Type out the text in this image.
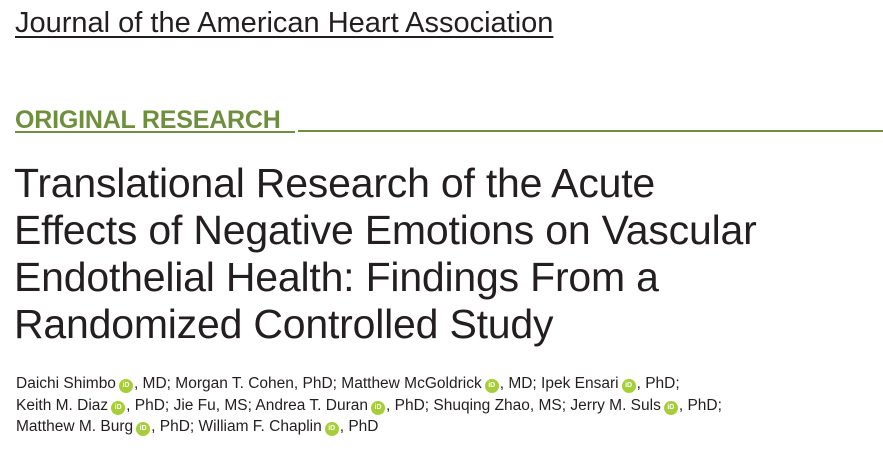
Journal of the American Heart Association
ORIGINAL RESEARCH
Translational Research of the Acute
Effects of Negative Emotions on Vascular
Endothelial Health: Findings From a
Randomized Controlled Study
Daichi Shimbo iD , MD; Morgan T. Cohen, PhD; Matthew McGoldrick iD , MD; Ipek Ensari iD , PhD;
Keith M. Diaz iD , PhD; Jie Fu, MS; Andrea T. Duran iD , PhD; Shuqing Zhao, MS; Jerry M. Suls iD , PhD;
Matthew M. Burg iD , PhD; William F. Chaplin iD , PhD
